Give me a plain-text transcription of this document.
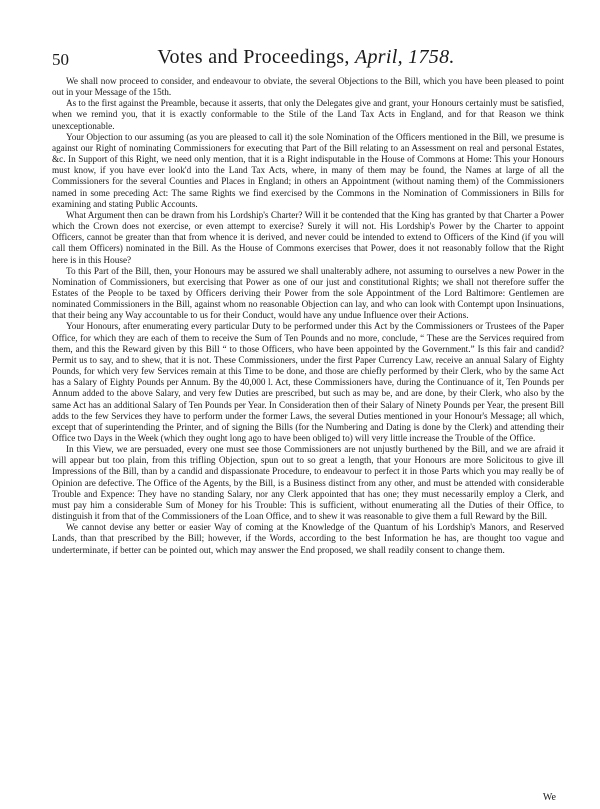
50	Votes and Proceedings, April, 1758.

We shall now proceed to consider, and endeavour to obviate, the several Objections to the Bill, which you have been pleased to point out in your Message of the 15th.

As to the first against the Preamble, because it asserts, that only the Delegates give and grant, your Honours certainly must be satisfied, when we remind you, that it is exactly conformable to the Stile of the Land Tax Acts in England, and for that Reason we think unexceptionable.

Your Objection to our assuming (as you are pleased to call it) the sole Nomination of the Officers mentioned in the Bill, we presume is against our Right of nominating Commissioners for executing that Part of the Bill relating to an Assessment on real and personal Estates, &c. In Support of this Right, we need only mention, that it is a Right indisputable in the House of Commons at Home: This your Honours must know, if you have ever look'd into the Land Tax Acts, where, in many of them may be found, the Names at large of all the Commissioners for the several Counties and Places in England; in others an Appointment (without naming them) of the Commissioners named in some preceding Act: The same Rights we find exercised by the Commons in the Nomination of Commissioners in Bills for examining and stating Public Accounts.

What Argument then can be drawn from his Lordship's Charter? Will it be contended that the King has granted by that Charter a Power which the Crown does not exercise, or even attempt to exercise? Surely it will not. His Lordship's Power by the Charter to appoint Officers, cannot be greater than that from whence it is derived, and never could be intended to extend to Officers of the Kind (if you will call them Officers) nominated in the Bill. As the House of Commons exercises that Power, does it not reasonably follow that the Right here is in this House?

To this Part of the Bill, then, your Honours may be assured we shall unalterably adhere, not assuming to ourselves a new Power in the Nomination of Commissioners, but exercising that Power as one of our just and constitutional Rights; we shall not therefore suffer the Estates of the People to be taxed by Officers deriving their Power from the sole Appointment of the Lord Baltimore: Gentlemen are nominated Commissioners in the Bill, against whom no reasonable Objection can lay, and who can look with Contempt upon Insinuations, that their being any Way accountable to us for their Conduct, would have any undue Influence over their Actions.

Your Honours, after enumerating every particular Duty to be performed under this Act by the Commissioners or Trustees of the Paper Office, for which they are each of them to receive the Sum of Ten Pounds and no more, conclude, “ These are the Services required from them, and this the Reward given by this Bill “ to those Officers, who have been appointed by the Government.” Is this fair and candid? Permit us to say, and to shew, that it is not. These Commissioners, under the first Paper Currency Law, receive an annual Salary of Eighty Pounds, for which very few Services remain at this Time to be done, and those are chiefly performed by their Clerk, who by the same Act has a Salary of Eighty Pounds per Annum. By the 40,000 l. Act, these Commissioners have, during the Continuance of it, Ten Pounds per Annum added to the above Salary, and very few Duties are prescribed, but such as may be, and are done, by their Clerk, who also by the same Act has an additional Salary of Ten Pounds per Year. In Consideration then of their Salary of Ninety Pounds per Year, the present Bill adds to the few Services they have to perform under the former Laws, the several Duties mentioned in your Honour's Message; all which, except that of superintending the Printer, and of signing the Bills (for the Numbering and Dating is done by the Clerk) and attending their Office two Days in the Week (which they ought long ago to have been obliged to) will very little increase the Trouble of the Office.

In this View, we are persuaded, every one must see those Commissioners are not unjustly burthened by the Bill, and we are afraid it will appear but too plain, from this trifling Objection, spun out to so great a length, that your Honours are more Solicitous to give ill Impressions of the Bill, than by a candid and dispassionate Procedure, to endeavour to perfect it in those Parts which you may really be of Opinion are defective. The Office of the Agents, by the Bill, is a Business distinct from any other, and must be attended with considerable Trouble and Expence: They have no standing Salary, nor any Clerk appointed that has one; they must necessarily employ a Clerk, and must pay him a considerable Sum of Money for his Trouble: This is sufficient, without enumerating all the Duties of their Office, to distinguish it from that of the Commissioners of the Loan Office, and to shew it was reasonable to give them a full Reward by the Bill.

We cannot devise any better or easier Way of coming at the Knowledge of the Quantum of his Lordship's Manors, and Reserved Lands, than that prescribed by the Bill; however, if the Words, according to the best Information he has, are thought too vague and underterminate, if better can be pointed out, which may answer the End proposed, we shall readily consent to change them.

We
